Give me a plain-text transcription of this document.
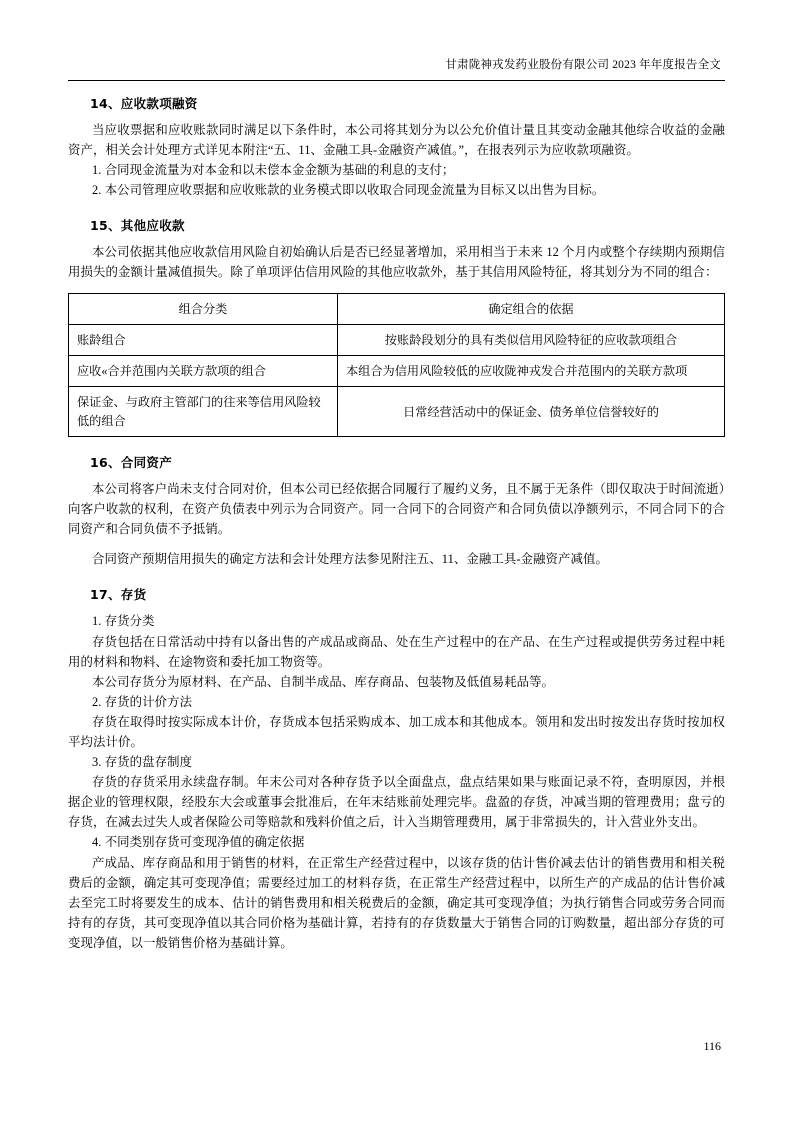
甘肃陇神戎发药业股份有限公司 2023 年年度报告全文
14、应收款项融资

当应收票据和应收账款同时满足以下条件时，本公司将其划分为以公允价值计量且其变动金融其他综合收益的金融资产，相关会计处理方式详见本附注“五、11、金融工具-金融资产减值。”，在报表列示为应收款项融资。

1. 合同现金流量为对本金和以未偿本金金额为基础的利息的支付；

2. 本公司管理应收票据和应收账款的业务模式即以收取合同现金流量为目标又以出售为目标。

15、其他应收款

本公司依据其他应收款信用风险自初始确认后是否已经显著增加，采用相当于未来 12 个月内或整个存续期内预期信用损失的金额计量减值损失。除了单项评估信用风险的其他应收款外，基于其信用风险特征，将其划分为不同的组合：

组合分类	确定组合的依据
账龄组合	按账龄段划分的具有类似信用风险特征的应收款项组合
应收«合并范围内关联方款项的组合	本组合为信用风险较低的应收陇神戎发合并范围内的关联方款项
保证金、与政府主管部门的往来等信用风险较低的组合	日常经营活动中的保证金、债务单位信誉较好的
16、合同资产

本公司将客户尚未支付合同对价，但本公司已经依据合同履行了履约义务，且不属于无条件（即仅取决于时间流逝）向客户收款的权利，在资产负债表中列示为合同资产。同一合同下的合同资产和合同负债以净额列示，不同合同下的合同资产和合同负债不予抵销。

合同资产预期信用损失的确定方法和会计处理方法参见附注五、11、金融工具-金融资产减值。

17、存货

1. 存货分类

存货包括在日常活动中持有以备出售的产成品或商品、处在生产过程中的在产品、在生产过程或提供劳务过程中耗用的材料和物料、在途物资和委托加工物资等。

本公司存货分为原材料、在产品、自制半成品、库存商品、包装物及低值易耗品等。

2. 存货的计价方法

存货在取得时按实际成本计价，存货成本包括采购成本、加工成本和其他成本。领用和发出时按发出存货时按加权平均法计价。

3. 存货的盘存制度

存货的存货采用永续盘存制。年末公司对各种存货予以全面盘点，盘点结果如果与账面记录不符，查明原因，并根据企业的管理权限，经股东大会或董事会批准后，在年末结账前处理完毕。盘盈的存货，冲减当期的管理费用；盘亏的存货，在减去过失人或者保险公司等赔款和残料价值之后，计入当期管理费用，属于非常损失的，计入营业外支出。

4. 不同类别存货可变现净值的确定依据

产成品、库存商品和用于销售的材料，在正常生产经营过程中，以该存货的估计售价减去估计的销售费用和相关税费后的金额，确定其可变现净值；需要经过加工的材料存货，在正常生产经营过程中，以所生产的产成品的估计售价减去至完工时将要发生的成本、估计的销售费用和相关税费后的金额，确定其可变现净值；为执行销售合同或劳务合同而持有的存货，其可变现净值以其合同价格为基础计算，若持有的存货数量大于销售合同的订购数量，超出部分存货的可变现净值，以一般销售价格为基础计算。

116
